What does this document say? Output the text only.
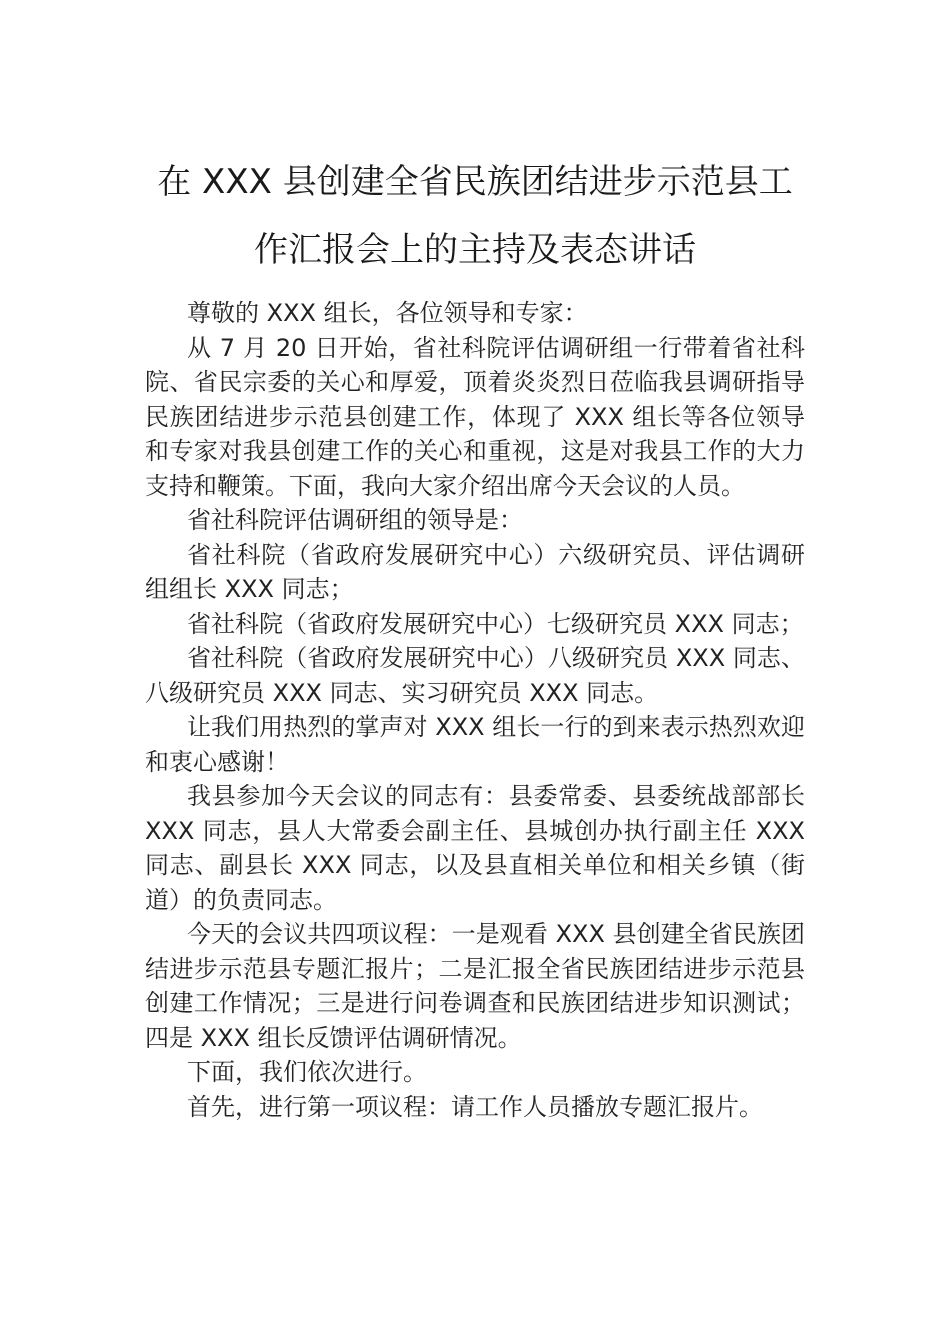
在 XXX 县创建全省民族团结进步示范县工
作汇报会上的主持及表态讲话

尊敬的 XXX 组长，各位领导和专家：

从 7 月 20 日开始，省社科院评估调研组一行带着省社科院、省民宗委的关心和厚爱，顶着炎炎烈日莅临我县调研指导民族团结进步示范县创建工作，体现了 XXX 组长等各位领导和专家对我县创建工作的关心和重视，这是对我县工作的大力支持和鞭策。下面，我向大家介绍出席今天会议的人员。

省社科院评估调研组的领导是：

省社科院（省政府发展研究中心）六级研究员、评估调研组组长 XXX 同志；

省社科院（省政府发展研究中心）七级研究员 XXX 同志；

省社科院（省政府发展研究中心）八级研究员 XXX 同志、八级研究员 XXX 同志、实习研究员 XXX 同志。

让我们用热烈的掌声对 XXX 组长一行的到来表示热烈欢迎和衷心感谢！

我县参加今天会议的同志有：县委常委、县委统战部部长 XXX 同志，县人大常委会副主任、县城创办执行副主任 XXX 同志、副县长 XXX 同志，以及县直相关单位和相关乡镇（街道）的负责同志。

今天的会议共四项议程：一是观看 XXX 县创建全省民族团结进步示范县专题汇报片；二是汇报全省民族团结进步示范县创建工作情况；三是进行问卷调查和民族团结进步知识测试；四是 XXX 组长反馈评估调研情况。

下面，我们依次进行。

首先，进行第一项议程：请工作人员播放专题汇报片。
